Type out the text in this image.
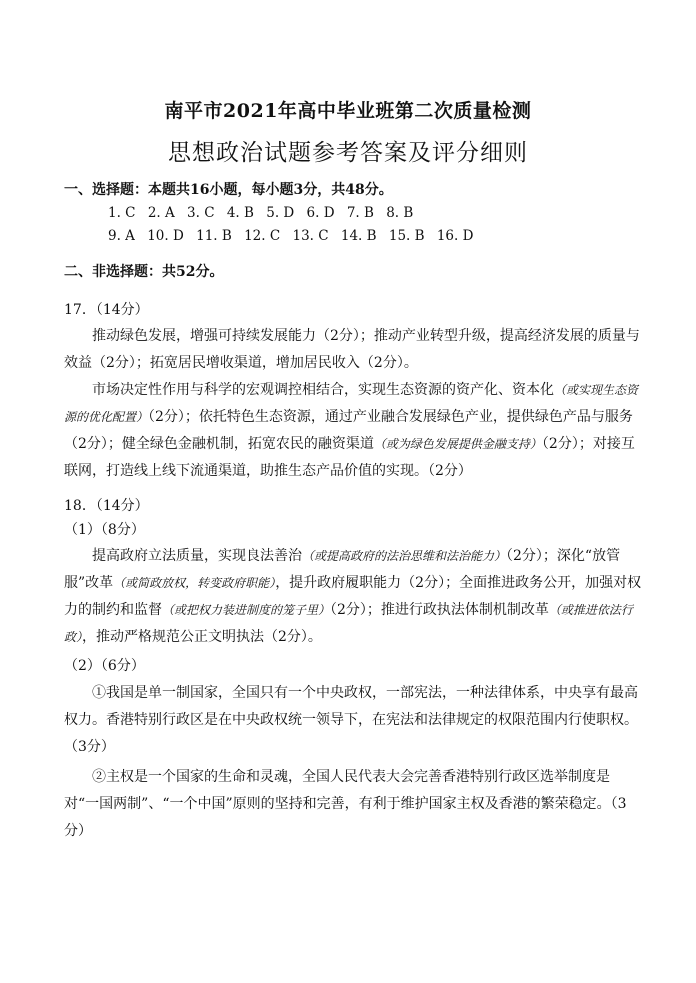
南平市2021年高中毕业班第二次质量检测
思想政治试题参考答案及评分细则
一、选择题：本题共16小题，每小题3分，共48分。
1. C 2. A 3. C 4. B 5. D 6. D 7. B 8. B
9. A 10. D 11. B 12. C 13. C 14. B 15. B 16. D
二、非选择题：共52分。
17．（14分）
推动绿色发展，增强可持续发展能力（2分）；推动产业转型升级，提高经济发展的质量与效益（2分）；拓宽居民增收渠道，增加居民收入（2分）。
市场决定性作用与科学的宏观调控相结合，实现生态资源的资产化、资本化（或实现生态资源的优化配置）（2分）；依托特色生态资源，通过产业融合发展绿色产业，提供绿色产品与服务（2分）；健全绿色金融机制，拓宽农民的融资渠道（或为绿色发展提供金融支持）（2分）；对接互联网，打造线上线下流通渠道，助推生态产品价值的实现。（2分）
18．（14分）
（1）（8分）
提高政府立法质量，实现良法善治（或提高政府的法治思维和法治能力）（2分）；深化“放管服”改革（或简政放权，转变政府职能），提升政府履职能力（2分）；全面推进政务公开，加强对权力的制约和监督（或把权力装进制度的笼子里）（2分）；推进行政执法体制机制改革（或推进依法行政），推动严格规范公正文明执法（2分）。
（2）（6分）
①我国是单一制国家，全国只有一个中央政权，一部宪法，一种法律体系，中央享有最高权力。香港特别行政区是在中央政权统一领导下，在宪法和法律规定的权限范围内行使职权。（3分）
②主权是一个国家的生命和灵魂，全国人民代表大会完善香港特别行政区选举制度是对“一国两制”、“一个中国”原则的坚持和完善，有利于维护国家主权及香港的繁荣稳定。（3分）
